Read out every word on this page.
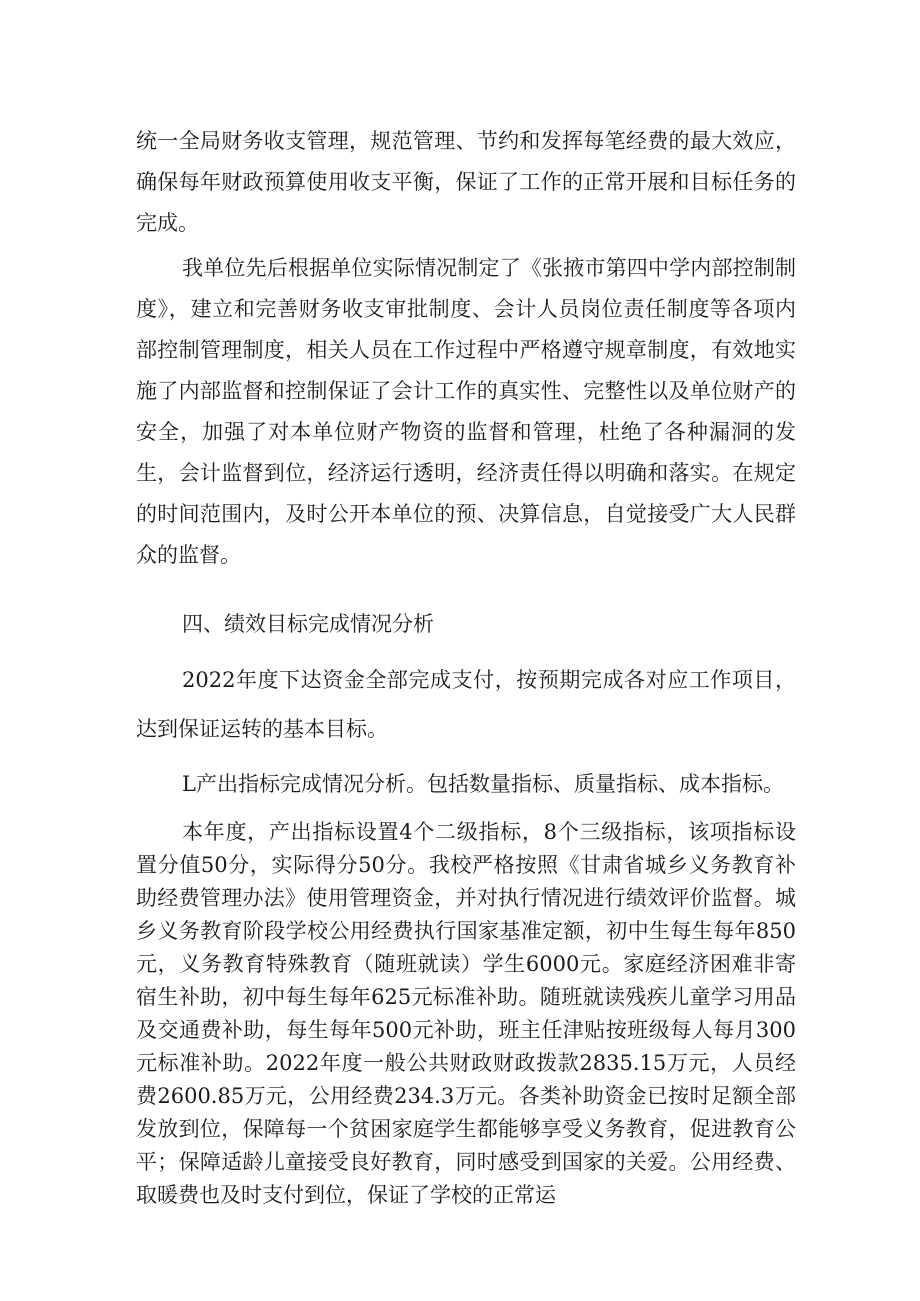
统一全局财务收支管理，规范管理、节约和发挥每笔经费的最大效应，确保每年财政预算使用收支平衡，保证了工作的正常开展和目标任务的完成。

我单位先后根据单位实际情况制定了《张掖市第四中学内部控制制度》，建立和完善财务收支审批制度、会计人员岗位责任制度等各项内部控制管理制度，相关人员在工作过程中严格遵守规章制度，有效地实施了内部监督和控制保证了会计工作的真实性、完整性以及单位财产的安全，加强了对本单位财产物资的监督和管理，杜绝了各种漏洞的发生，会计监督到位，经济运行透明，经济责任得以明确和落实。在规定的时间范围内，及时公开本单位的预、决算信息，自觉接受广大人民群众的监督。

四、绩效目标完成情况分析

2022年度下达资金全部完成支付，按预期完成各对应工作项目，达到保证运转的基本目标。

L产出指标完成情况分析。包括数量指标、质量指标、成本指标。

本年度，产出指标设置4个二级指标，8个三级指标，该项指标设置分值50分，实际得分50分。我校严格按照《甘肃省城乡义务教育补助经费管理办法》使用管理资金，并对执行情况进行绩效评价监督。城乡义务教育阶段学校公用经费执行国家基准定额，初中生每生每年850元，义务教育特殊教育（随班就读）学生6000元。家庭经济困难非寄宿生补助，初中每生每年625元标准补助。随班就读残疾儿童学习用品及交通费补助，每生每年500元补助，班主任津贴按班级每人每月300元标准补助。2022年度一般公共财政财政拨款2835.15万元，人员经费2600.85万元，公用经费234.3万元。各类补助资金已按时足额全部发放到位，保障每一个贫困家庭学生都能够享受义务教育，促进教育公平；保障适龄儿童接受良好教育，同时感受到国家的关爱。公用经费、取暖费也及时支付到位，保证了学校的正常运
